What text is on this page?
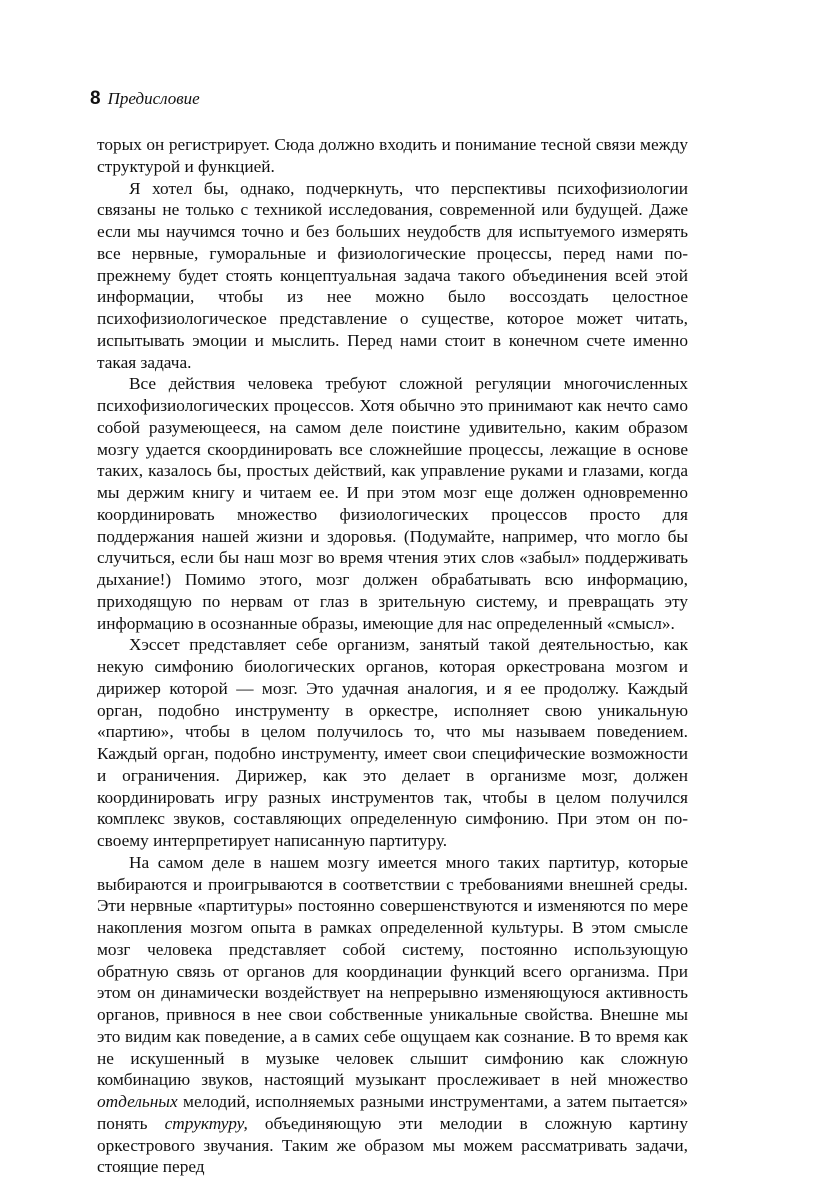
8 Предисловие

торых он регистрирует. Сюда должно входить и понимание тесной связи между структурой и функцией.

Я хотел бы, однако, подчеркнуть, что перспективы психофизиологии связаны не только с техникой исследования, современной или будущей. Даже если мы научимся точно и без больших неудобств для испытуемого измерять все нервные, гуморальные и физиологические процессы, перед нами по-прежнему будет стоять концептуальная задача такого объединения всей этой информации, чтобы из нее можно было воссоздать целостное психофизиологическое представление о существе, которое может читать, испытывать эмоции и мыслить. Перед нами стоит в конечном счете именно такая задача.

Все действия человека требуют сложной регуляции многочисленных психофизиологических процессов. Хотя обычно это принимают как нечто само собой разумеющееся, на самом деле поистине удивительно, каким образом мозгу удается скоординировать все сложнейшие процессы, лежащие в основе таких, казалось бы, простых действий, как управление руками и глазами, когда мы держим книгу и читаем ее. И при этом мозг еще должен одновременно координировать множество физиологических процессов просто для поддержания нашей жизни и здоровья. (Подумайте, например, что могло бы случиться, если бы наш мозг во время чтения этих слов «забыл» поддерживать дыхание!) Помимо этого, мозг должен обрабатывать всю информацию, приходящую по нервам от глаз в зрительную систему, и превращать эту информацию в осознанные образы, имеющие для нас определенный «смысл».

Хэссет представляет себе организм, занятый такой деятельностью, как некую симфонию биологических органов, которая оркестрована мозгом и дирижер которой — мозг. Это удачная аналогия, и я ее продолжу. Каждый орган, подобно инструменту в оркестре, исполняет свою уникальную «партию», чтобы в целом получилось то, что мы называем поведением. Каждый орган, подобно инструменту, имеет свои специфические возможности и ограничения. Дирижер, как это делает в организме мозг, должен координировать игру разных инструментов так, чтобы в целом получился комплекс звуков, составляющих определенную симфонию. При этом он по-своему интерпретирует написанную партитуру.

На самом деле в нашем мозгу имеется много таких партитур, которые выбираются и проигрываются в соответствии с требованиями внешней среды. Эти нервные «партитуры» постоянно совершенствуются и изменяются по мере накопления мозгом опыта в рамках определенной культуры. В этом смысле мозг человека представляет собой систему, постоянно использующую обратную связь от органов для координации функций всего организма. При этом он динамически воздействует на непрерывно изменяющуюся активность органов, привнося в нее свои собственные уникальные свойства. Внешне мы это видим как поведение, а в самих себе ощущаем как сознание. В то время как не искушенный в музыке человек слышит симфонию как сложную комбинацию звуков, настоящий музыкант прослеживает в ней множество отдельных мелодий, исполняемых разными инструментами, а затем пытается» понять структуру, объединяющую эти мелодии в сложную картину оркестрового звучания. Таким же образом мы можем рассматривать задачи, стоящие перед
